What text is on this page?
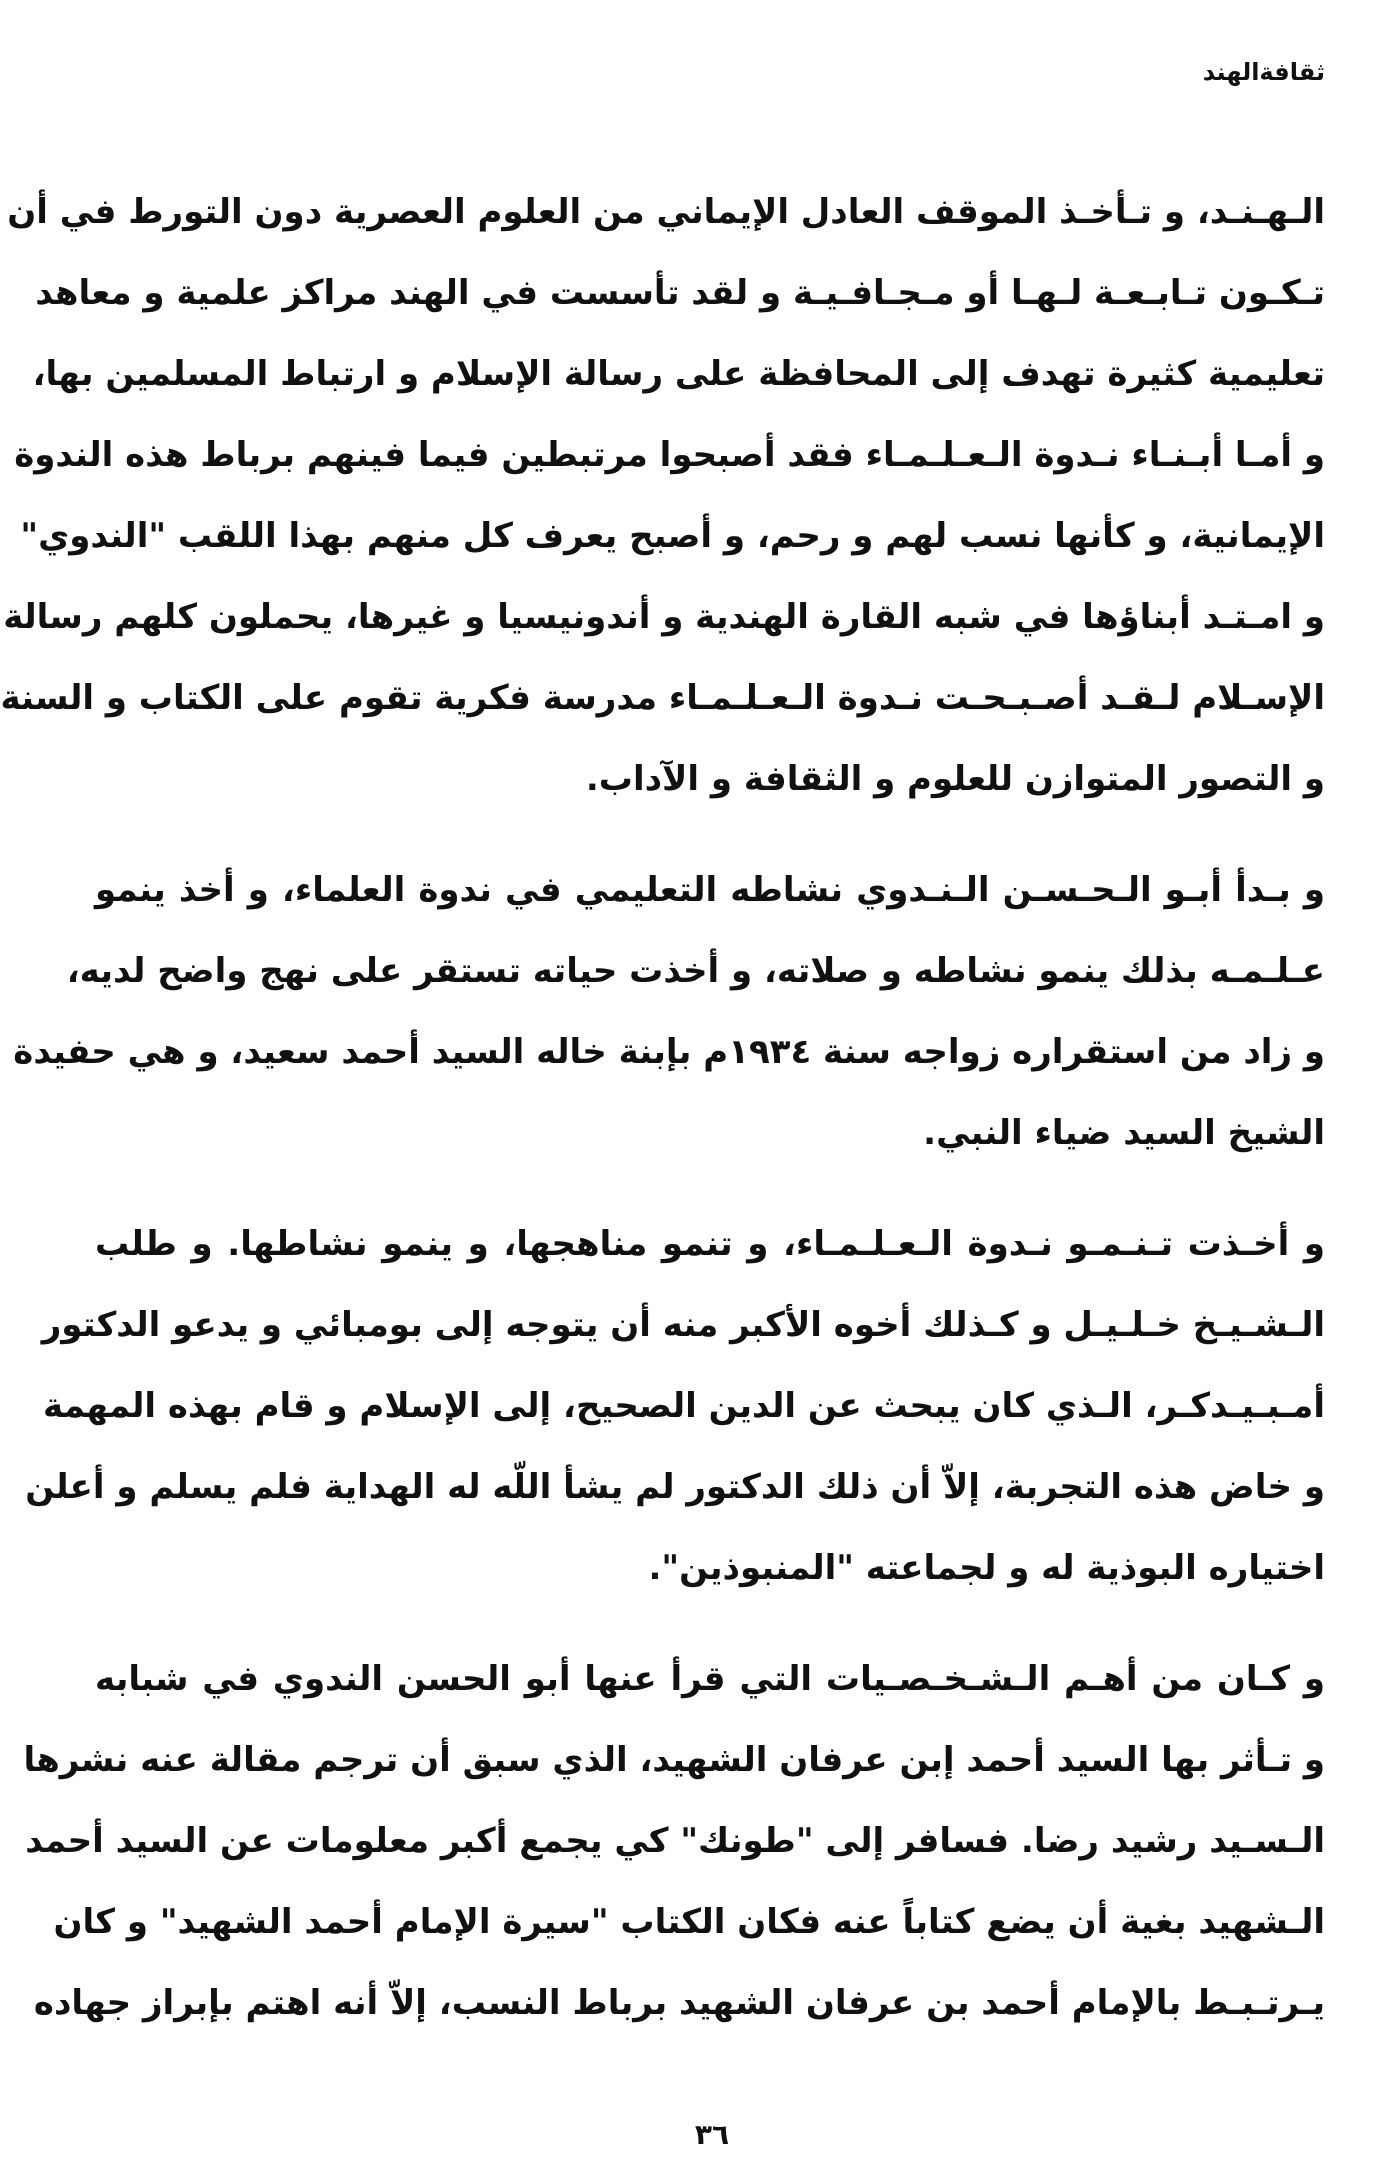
ثقافةالهند
الـهـنـد، و تـأخـذ الموقف العادل الإيماني من العلوم العصرية دون التورط في أن
تـكـون تـابـعـة لـهـا أو مـجـافـيـة و لقد تأسست في الهند مراكز علمية و معاهد
تعليمية كثيرة تهدف إلى المحافظة على رسالة الإسلام و ارتباط المسلمين بها،
و أمـا أبـنـاء نـدوة الـعـلـمـاء فقد أصبحوا مرتبطين فيما فينهم برباط هذه الندوة
الإيمانية، و كأنها نسب لهم و رحم، و أصبح يعرف كل منهم بهذا اللقب "الندوي"
و امـتـد أبناؤها في شبه القارة الهندية و أندونيسيا و غيرها، يحملون كلهم رسالة
الإسـلام لـقـد أصـبـحـت نـدوة الـعـلـمـاء مدرسة فكرية تقوم على الكتاب و السنة
و التصور المتوازن للعلوم و الثقافة و الآداب.
و بـدأ أبـو الـحـسـن الـنـدوي نشاطه التعليمي في ندوة العلماء، و أخذ ينمو
عـلـمـه بذلك ينمو نشاطه و صلاته، و أخذت حياته تستقر على نهج واضح لديه،
و زاد من استقراره زواجه سنة ١٩٣٤م بإبنة خاله السيد أحمد سعيد، و هي حفيدة
الشيخ السيد ضياء النبي.
و أخـذت تـنـمـو نـدوة الـعـلـمـاء، و تنمو مناهجها، و ينمو نشاطها. و طلب
الـشـيـخ خـلـيـل و كـذلك أخوه الأكبر منه أن يتوجه إلى بومبائي و يدعو الدكتور
أمـبـيـدكـر، الـذي كان يبحث عن الدين الصحيح، إلى الإسلام و قام بهذه المهمة
و خاض هذه التجربة، إلاّ أن ذلك الدكتور لم يشأ اللّه له الهداية فلم يسلم و أعلن
اختياره البوذية له و لجماعته "المنبوذين".
و كـان من أهـم الـشـخـصـيات التي قرأ عنها أبو الحسن الندوي في شبابه
و تـأثر بها السيد أحمد إبن عرفان الشهيد، الذي سبق أن ترجم مقالة عنه نشرها
الـسـيد رشيد رضا. فسافر إلى "طونك" كي يجمع أكبر معلومات عن السيد أحمد
الـشهيد بغية أن يضع كتاباً عنه فكان الكتاب "سيرة الإمام أحمد الشهيد" و كان
يـرتـبـط بالإمام أحمد بن عرفان الشهيد برباط النسب، إلاّ أنه اهتم بإبراز جهاده
٣٦
